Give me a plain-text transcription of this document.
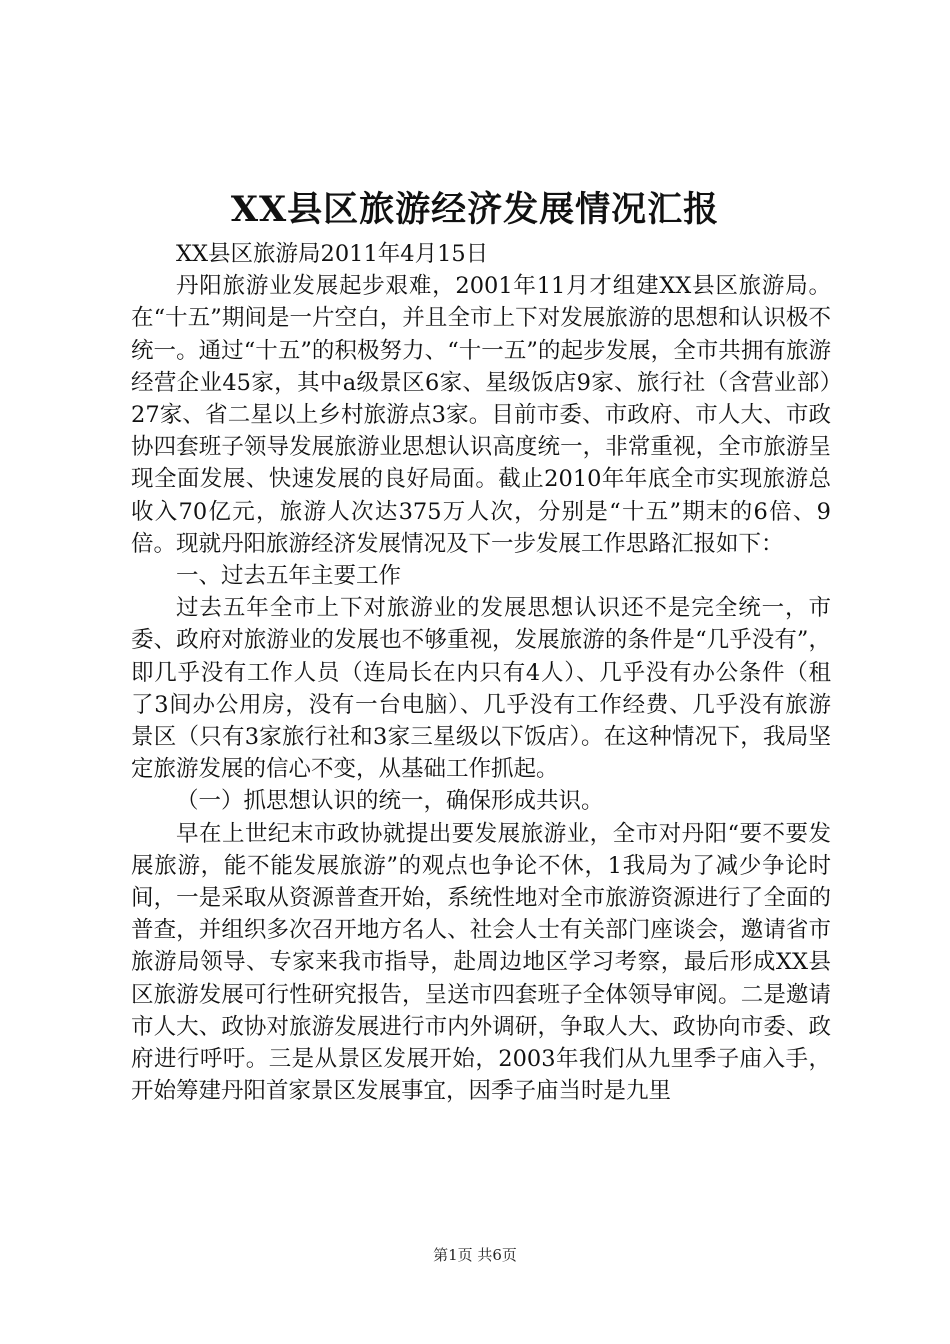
XX县区旅游经济发展情况汇报

XX县区旅游局2011年4月15日

丹阳旅游业发展起步艰难，2001年11月才组建XX县区旅游局。在“十五”期间是一片空白，并且全市上下对发展旅游的思想和认识极不统一。通过“十五”的积极努力、“十一五”的起步发展，全市共拥有旅游经营企业45家，其中a级景区6家、星级饭店9家、旅行社（含营业部）27家、省二星以上乡村旅游点3家。目前市委、市政府、市人大、市政协四套班子领导发展旅游业思想认识高度统一，非常重视，全市旅游呈现全面发展、快速发展的良好局面。截止2010年年底全市实现旅游总收入70亿元，旅游人次达375万人次，分别是“十五”期末的6倍、9倍。现就丹阳旅游经济发展情况及下一步发展工作思路汇报如下：

一、过去五年主要工作

过去五年全市上下对旅游业的发展思想认识还不是完全统一，市委、政府对旅游业的发展也不够重视，发展旅游的条件是“几乎没有”，即几乎没有工作人员（连局长在内只有4人）、几乎没有办公条件（租了3间办公用房，没有一台电脑）、几乎没有工作经费、几乎没有旅游景区（只有3家旅行社和3家三星级以下饭店）。在这种情况下，我局坚定旅游发展的信心不变，从基础工作抓起。

（一）抓思想认识的统一，确保形成共识。

早在上世纪末市政协就提出要发展旅游业，全市对丹阳“要不要发展旅游，能不能发展旅游”的观点也争论不休，1我局为了减少争论时间，一是采取从资源普查开始，系统性地对全市旅游资源进行了全面的普查，并组织多次召开地方名人、社会人士有关部门座谈会，邀请省市旅游局领导、专家来我市指导，赴周边地区学习考察，最后形成XX县区旅游发展可行性研究报告，呈送市四套班子全体领导审阅。二是邀请市人大、政协对旅游发展进行市内外调研，争取人大、政协向市委、政府进行呼吁。三是从景区发展开始，2003年我们从九里季子庙入手，开始筹建丹阳首家景区发展事宜，因季子庙当时是九里

第1页 共6页
